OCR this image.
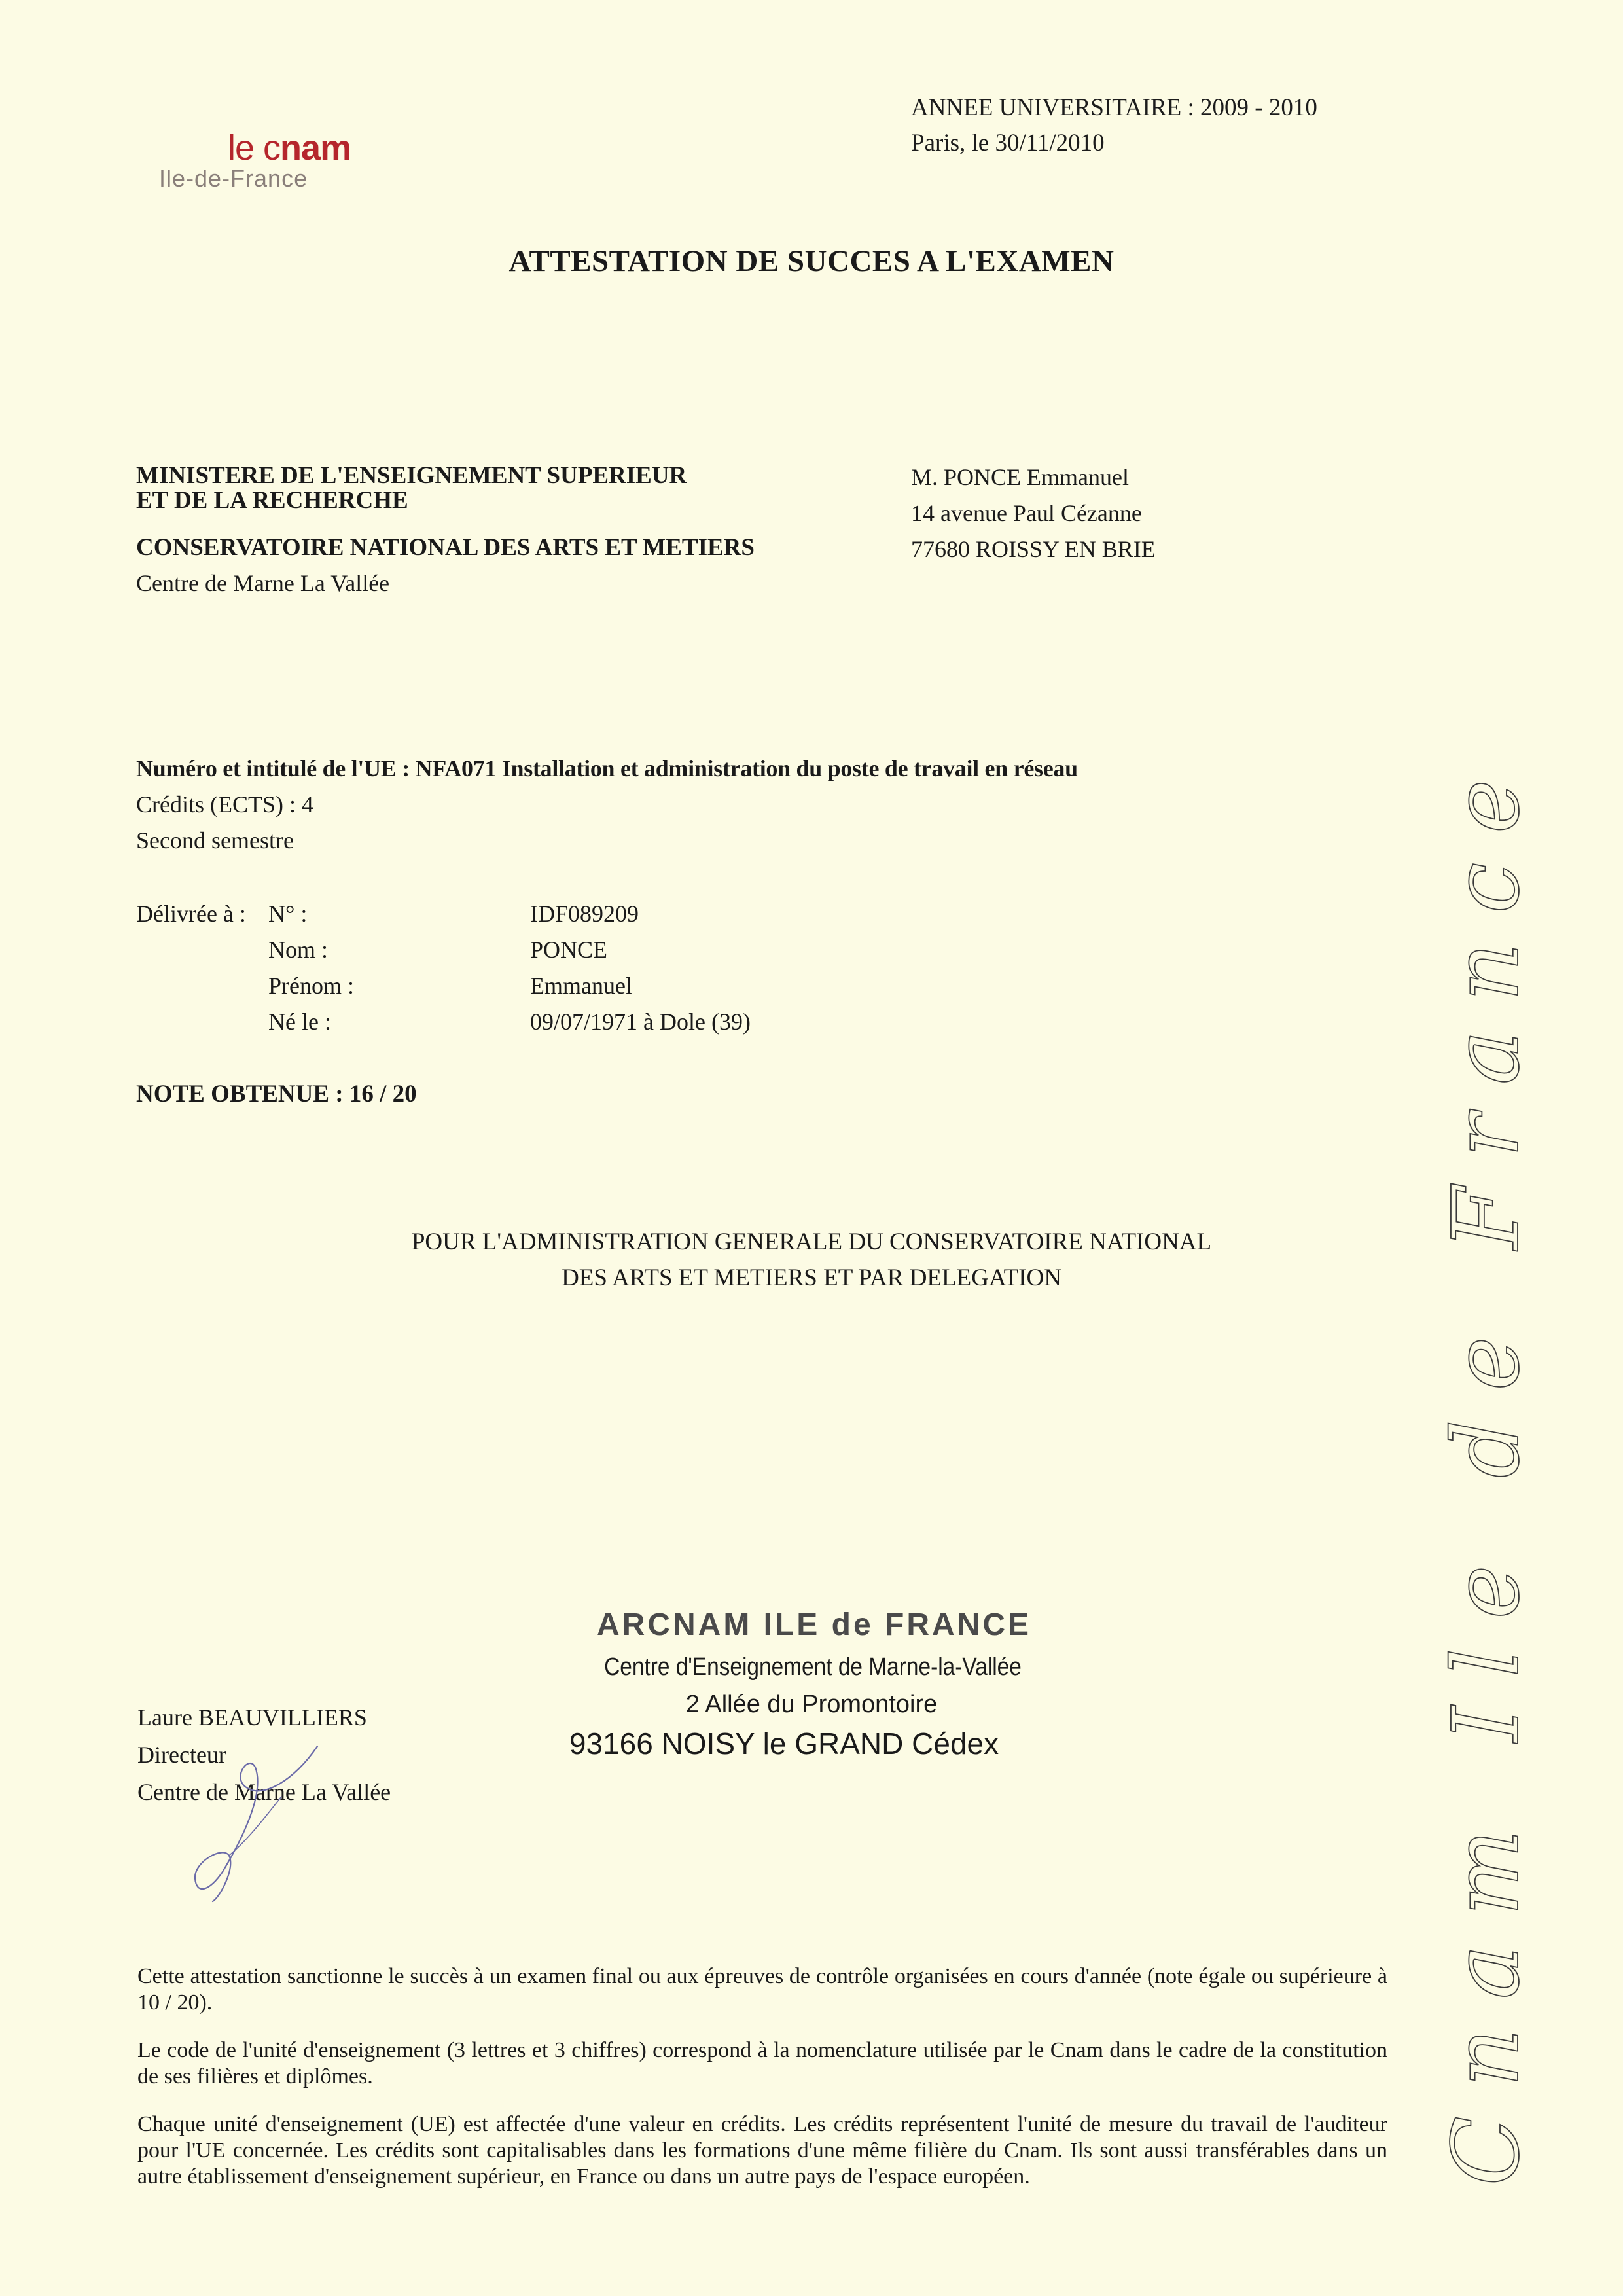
le cnam
Ile-de-France
ANNEE UNIVERSITAIRE : 2009 - 2010
Paris, le 30/11/2010
ATTESTATION DE SUCCES A L'EXAMEN
MINISTERE DE L'ENSEIGNEMENT SUPERIEUR
ET DE LA RECHERCHE
CONSERVATOIRE NATIONAL DES ARTS ET METIERS
Centre de Marne La Vallée
M. PONCE Emmanuel
14 avenue Paul Cézanne
77680 ROISSY EN BRIE
Numéro et intitulé de l'UE : NFA071 Installation et administration du poste de travail en réseau
Crédits (ECTS) : 4
Second semestre
Délivrée à : N° :	IDF089209
Nom :	PONCE
Prénom :	Emmanuel
Né le :	09/07/1971 à Dole (39)
NOTE OBTENUE : 16 / 20
POUR L'ADMINISTRATION GENERALE DU CONSERVATOIRE NATIONAL
DES ARTS ET METIERS ET PAR DELEGATION
ARCNAM ILE de FRANCE
Centre d'Enseignement de Marne-la-Vallée
2 Allée du Promontoire
93166 NOISY le GRAND Cédex
Laure BEAUVILLIERS
Directeur
Centre de Marne La Vallée
Cette attestation sanctionne le succès à un examen final ou aux épreuves de contrôle organisées en cours d'année (note égale ou supérieure à 10 / 20).
Le code de l'unité d'enseignement (3 lettres et 3 chiffres) correspond à la nomenclature utilisée par le Cnam dans le cadre de la constitution de ses filières et diplômes.
Chaque unité d'enseignement (UE) est affectée d'une valeur en crédits. Les crédits représentent l'unité de mesure du travail de l'auditeur pour l'UE concernée. Les crédits sont capitalisables dans les formations d'une même filière du Cnam. Ils sont aussi transférables dans un autre établissement d'enseignement supérieur, en France ou dans un autre pays de l'espace européen.	Cnam Ile de France
